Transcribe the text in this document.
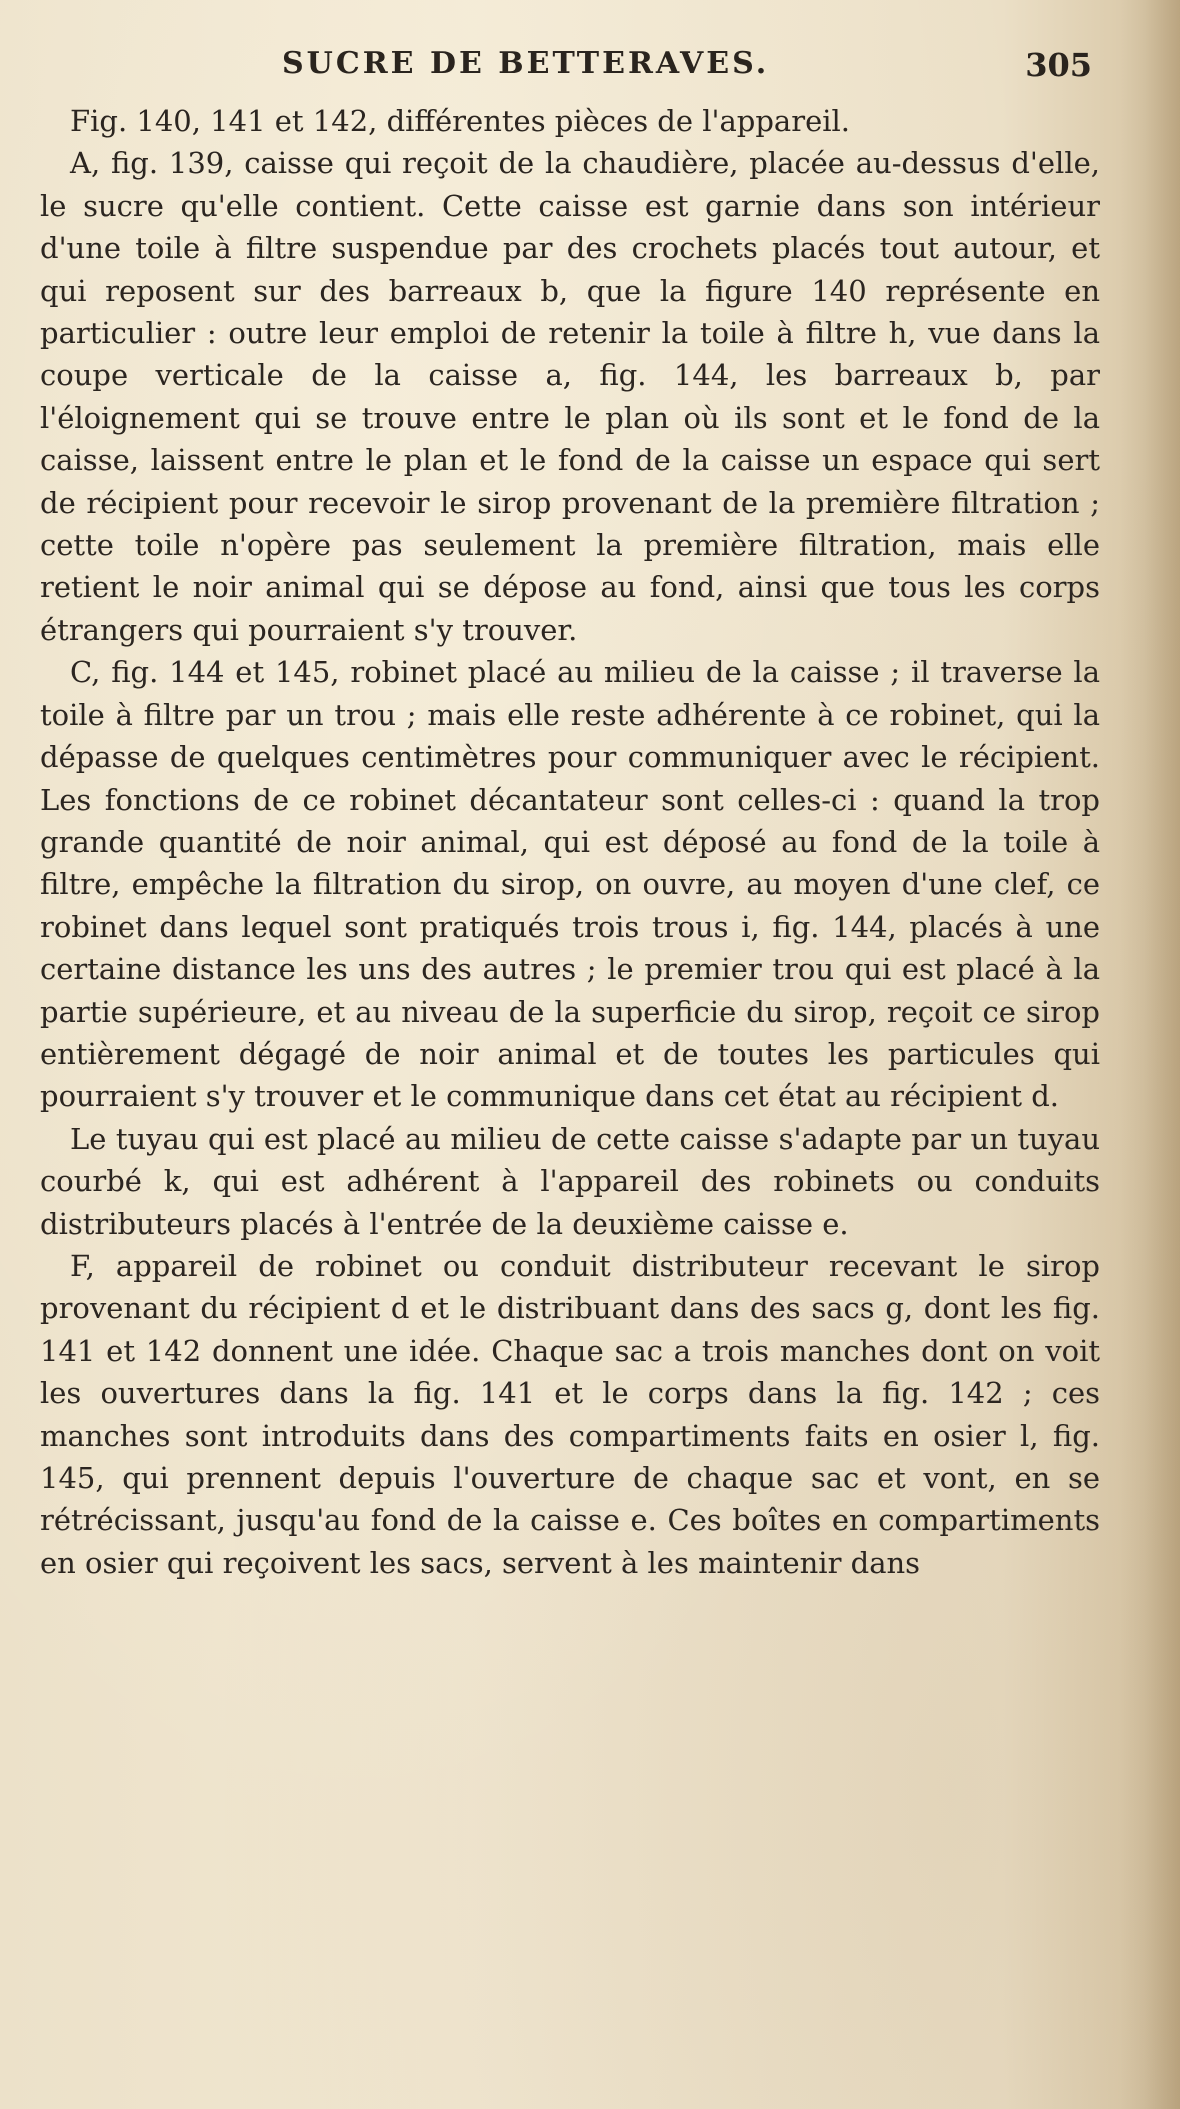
SUCRE DE BETTERAVES.	305

Fig. 140, 141 et 142, différentes pièces de l'appareil.

A, fig. 139, caisse qui reçoit de la chaudière, placée au-dessus d'elle, le sucre qu'elle contient. Cette caisse est garnie dans son intérieur d'une toile à filtre suspendue par des crochets placés tout autour, et qui reposent sur des barreaux b, que la figure 140 représente en particulier : outre leur emploi de retenir la toile à filtre h, vue dans la coupe verticale de la caisse a, fig. 144, les barreaux b, par l'éloignement qui se trouve entre le plan où ils sont et le fond de la caisse, laissent entre le plan et le fond de la caisse un espace qui sert de récipient pour recevoir le sirop provenant de la première filtration ; cette toile n'opère pas seulement la première filtration, mais elle retient le noir animal qui se dépose au fond, ainsi que tous les corps étrangers qui pourraient s'y trouver.

C, fig. 144 et 145, robinet placé au milieu de la caisse ; il traverse la toile à filtre par un trou ; mais elle reste adhérente à ce robinet, qui la dépasse de quelques centimètres pour communiquer avec le récipient. Les fonctions de ce robinet décantateur sont celles-ci : quand la trop grande quantité de noir animal, qui est déposé au fond de la toile à filtre, empêche la filtration du sirop, on ouvre, au moyen d'une clef, ce robinet dans lequel sont pratiqués trois trous i, fig. 144, placés à une certaine distance les uns des autres ; le premier trou qui est placé à la partie supérieure, et au niveau de la superficie du sirop, reçoit ce sirop entièrement dégagé de noir animal et de toutes les particules qui pourraient s'y trouver et le communique dans cet état au récipient d.

Le tuyau qui est placé au milieu de cette caisse s'adapte par un tuyau courbé k, qui est adhérent à l'appareil des robinets ou conduits distributeurs placés à l'entrée de la deuxième caisse e.

F, appareil de robinet ou conduit distributeur recevant le sirop provenant du récipient d et le distribuant dans des sacs g, dont les fig. 141 et 142 donnent une idée. Chaque sac a trois manches dont on voit les ouvertures dans la fig. 141 et le corps dans la fig. 142 ; ces manches sont introduits dans des compartiments faits en osier l, fig. 145, qui prennent depuis l'ouverture de chaque sac et vont, en se rétrécissant, jusqu'au fond de la caisse e. Ces boîtes en compartiments en osier qui reçoivent les sacs, servent à les maintenir dans
